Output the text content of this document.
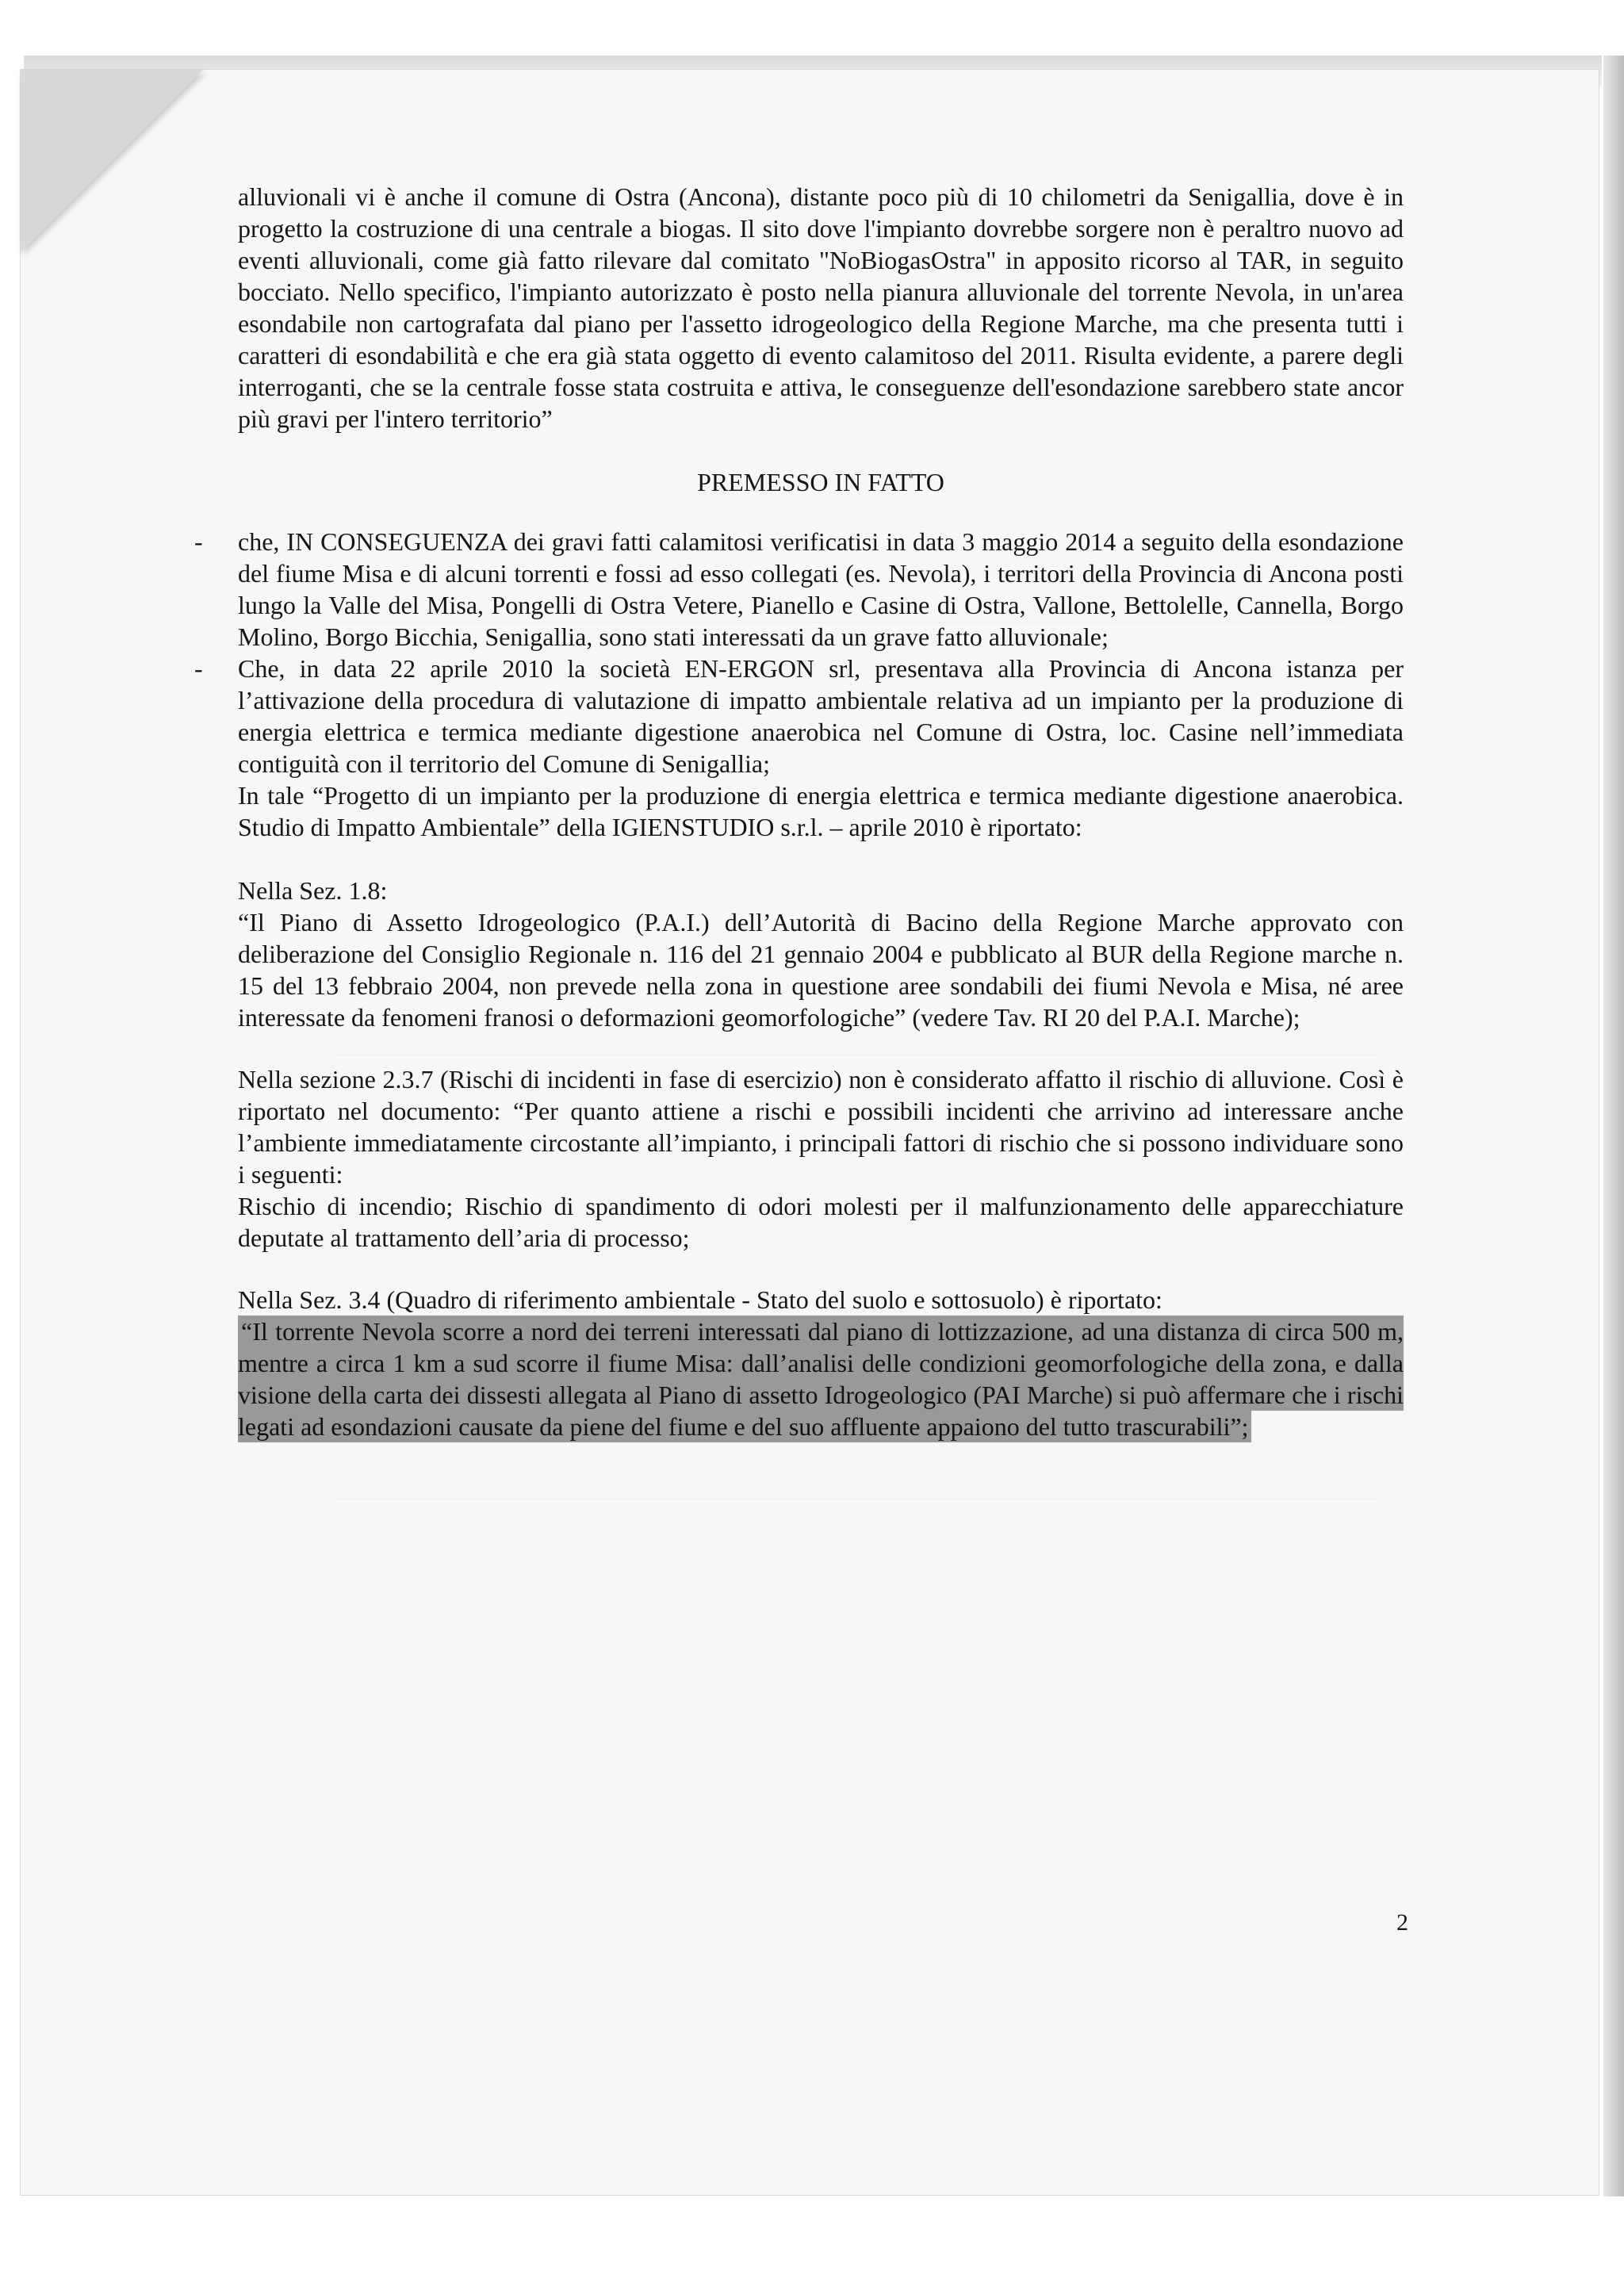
alluvionali vi è anche il comune di Ostra (Ancona), distante poco più di 10 chilometri da Senigallia, dove è in progetto la costruzione di una centrale a biogas. Il sito dove l'impianto dovrebbe sorgere non è peraltro nuovo ad eventi alluvionali, come già fatto rilevare dal comitato "NoBiogasOstra" in apposito ricorso al TAR, in seguito bocciato. Nello specifico, l'impianto autorizzato è posto nella pianura alluvionale del torrente Nevola, in un'area esondabile non cartografata dal piano per l'assetto idrogeologico della Regione Marche, ma che presenta tutti i caratteri di esondabilità e che era già stata oggetto di evento calamitoso del 2011. Risulta evidente, a parere degli interroganti, che se la centrale fosse stata costruita e attiva, le conseguenze dell'esondazione sarebbero state ancor più gravi per l'intero territorio”

PREMESSO IN FATTO
-	che, IN CONSEGUENZA dei gravi fatti calamitosi verificatisi in data 3 maggio 2014 a seguito della esondazione del fiume Misa e di alcuni torrenti e fossi ad esso collegati (es. Nevola), i territori della Provincia di Ancona posti lungo la Valle del Misa, Pongelli di Ostra Vetere, Pianello e Casine di Ostra, Vallone, Bettolelle, Cannella, Borgo Molino, Borgo Bicchia, Senigallia, sono stati interessati da un grave fatto alluvionale;

-	Che, in data 22 aprile 2010 la società EN-ERGON srl, presentava alla Provincia di Ancona istanza per l’attivazione della procedura di valutazione di impatto ambientale relativa ad un impianto per la produzione di energia elettrica e termica mediante digestione anaerobica nel Comune di Ostra, loc. Casine nell’immediata contiguità con il territorio del Comune di Senigallia;

In tale “Progetto di un impianto per la produzione di energia elettrica e termica mediante digestione anaerobica. Studio di Impatto Ambientale” della IGIENSTUDIO s.r.l. – aprile 2010 è riportato:

Nella Sez. 1.8:

“Il Piano di Assetto Idrogeologico (P.A.I.) dell’Autorità di Bacino della Regione Marche approvato con deliberazione del Consiglio Regionale n. 116 del 21 gennaio 2004 e pubblicato al BUR della Regione marche n. 15 del 13 febbraio 2004, non prevede nella zona in questione aree sondabili dei fiumi Nevola e Misa, né aree interessate da fenomeni franosi o deformazioni geomorfologiche” (vedere Tav. RI 20 del P.A.I. Marche);

Nella sezione 2.3.7 (Rischi di incidenti in fase di esercizio) non è considerato affatto il rischio di alluvione. Così è riportato nel documento: “Per quanto attiene a rischi e possibili incidenti che arrivino ad interessare anche l’ambiente immediatamente circostante all’impianto, i principali fattori di rischio che si possono individuare sono i seguenti:

Rischio di incendio; Rischio di spandimento di odori molesti per il malfunzionamento delle apparecchiature deputate al trattamento dell’aria di processo;

Nella Sez. 3.4 (Quadro di riferimento ambientale - Stato del suolo e sottosuolo) è riportato:

“Il torrente Nevola scorre a nord dei terreni interessati dal piano di lottizzazione, ad una distanza di circa 500 m, mentre a circa 1 km a sud scorre il fiume Misa: dall’analisi delle condizioni geomorfologiche della zona, e dalla visione della carta dei dissesti allegata al Piano di assetto Idrogeologico (PAI Marche) si può affermare che i rischi legati ad esondazioni causate da piene del fiume e del suo affluente appaiono del tutto trascurabili”;

2
